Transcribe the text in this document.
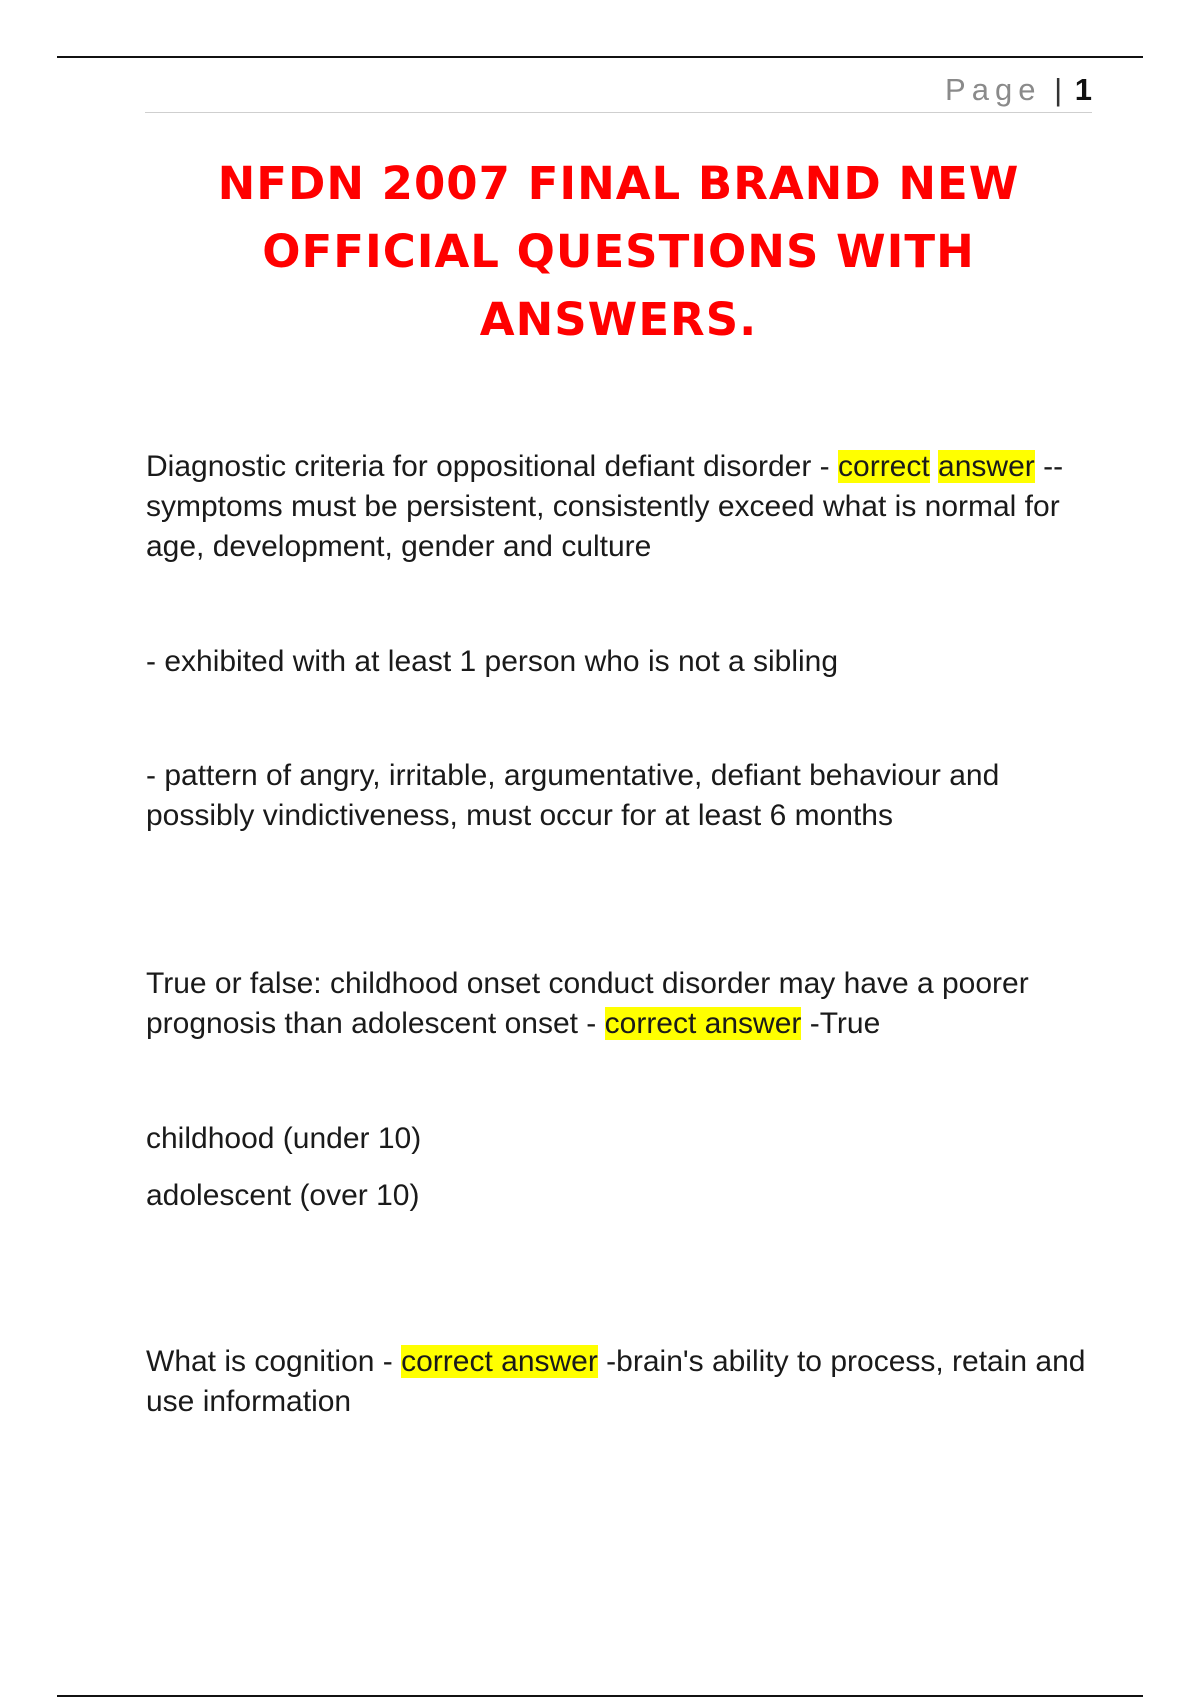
Page | 1
NFDN 2007 FINAL BRAND NEW
OFFICIAL QUESTIONS WITH
ANSWERS.
Diagnostic criteria for oppositional defiant disorder - correct answer -- symptoms must be persistent, consistently exceed what is normal for age, development, gender and culture
- exhibited with at least 1 person who is not a sibling
- pattern of angry, irritable, argumentative, defiant behaviour and possibly vindictiveness, must occur for at least 6 months
True or false: childhood onset conduct disorder may have a poorer prognosis than adolescent onset - correct answer -True
childhood (under 10)
adolescent (over 10)
What is cognition - correct answer -brain's ability to process, retain and use information
